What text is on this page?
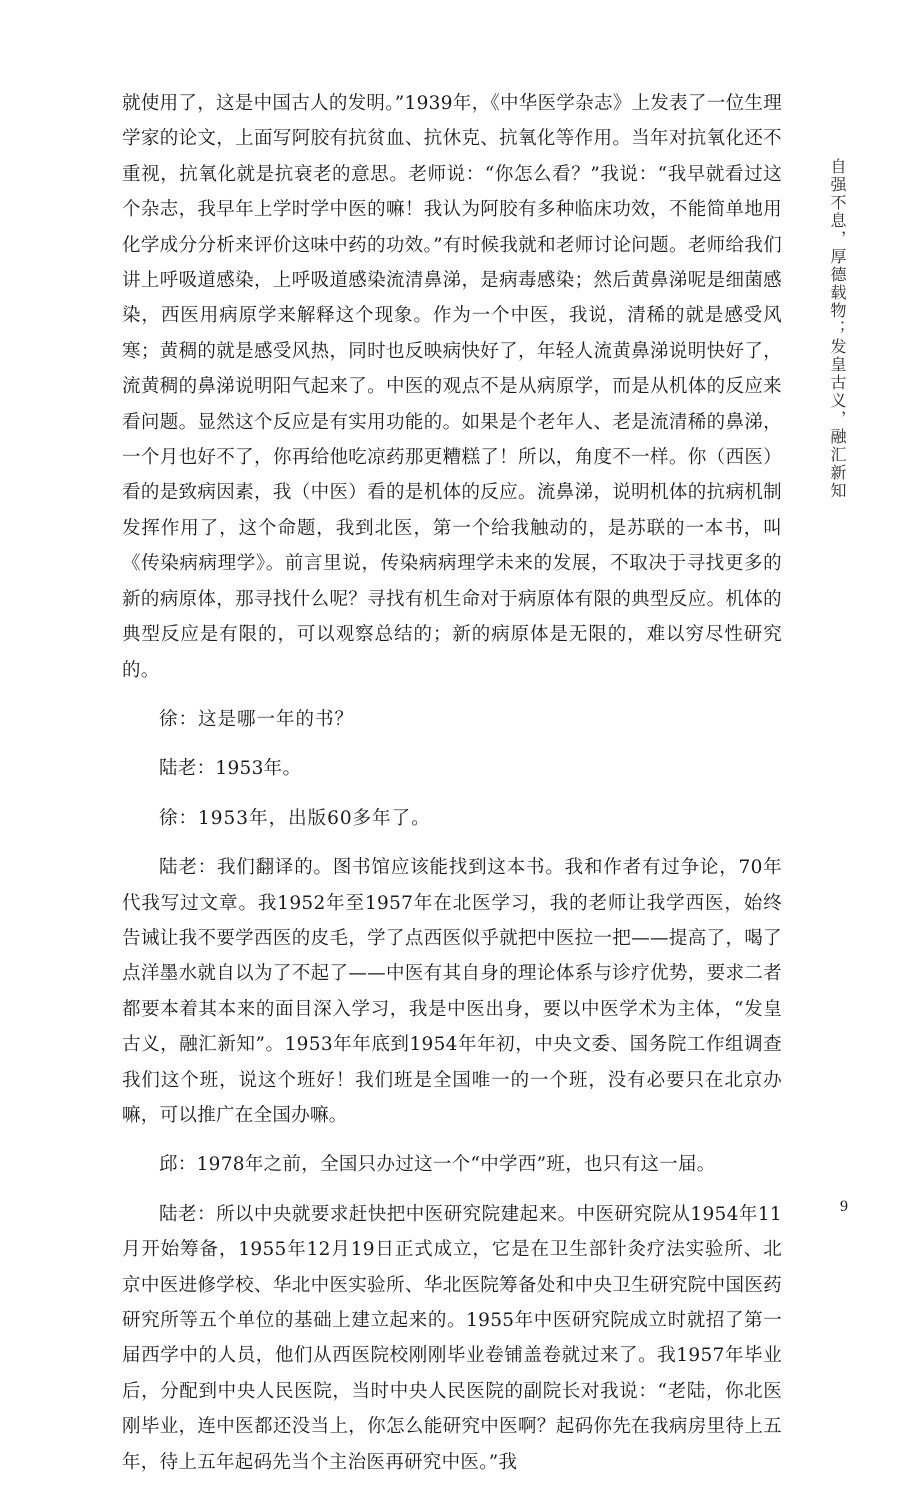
就使用了，这是中国古人的发明。”1939年，《中华医学杂志》上发表了一位生理学家的论文，上面写阿胶有抗贫血、抗休克、抗氧化等作用。当年对抗氧化还不重视，抗氧化就是抗衰老的意思。老师说：“你怎么看？”我说：“我早就看过这个杂志，我早年上学时学中医的嘛！我认为阿胶有多种临床功效，不能简单地用化学成分分析来评价这味中药的功效。”有时候我就和老师讨论问题。老师给我们讲上呼吸道感染，上呼吸道感染流清鼻涕，是病毒感染；然后黄鼻涕呢是细菌感染，西医用病原学来解释这个现象。作为一个中医，我说，清稀的就是感受风寒；黄稠的就是感受风热，同时也反映病快好了，年轻人流黄鼻涕说明快好了，流黄稠的鼻涕说明阳气起来了。中医的观点不是从病原学，而是从机体的反应来看问题。显然这个反应是有实用功能的。如果是个老年人、老是流清稀的鼻涕，一个月也好不了，你再给他吃凉药那更糟糕了！所以，角度不一样。你（西医）看的是致病因素，我（中医）看的是机体的反应。流鼻涕，说明机体的抗病机制发挥作用了，这个命题，我到北医，第一个给我触动的，是苏联的一本书，叫《传染病病理学》。前言里说，传染病病理学未来的发展，不取决于寻找更多的新的病原体，那寻找什么呢？寻找有机生命对于病原体有限的典型反应。机体的典型反应是有限的，可以观察总结的；新的病原体是无限的，难以穷尽性研究的。

徐：这是哪一年的书？

陆老：1953年。

徐：1953年，出版60多年了。

陆老：我们翻译的。图书馆应该能找到这本书。我和作者有过争论，70年代我写过文章。我1952年至1957年在北医学习，我的老师让我学西医，始终告诫让我不要学西医的皮毛，学了点西医似乎就把中医拉一把——提高了，喝了点洋墨水就自以为了不起了——中医有其自身的理论体系与诊疗优势，要求二者都要本着其本来的面目深入学习，我是中医出身，要以中医学术为主体，“发皇古义，融汇新知”。1953年年底到1954年年初，中央文委、国务院工作组调查我们这个班，说这个班好！我们班是全国唯一的一个班，没有必要只在北京办嘛，可以推广在全国办嘛。

邱：1978年之前，全国只办过这一个“中学西”班，也只有这一届。

陆老：所以中央就要求赶快把中医研究院建起来。中医研究院从1954年11月开始筹备，1955年12月19日正式成立，它是在卫生部针灸疗法实验所、北京中医进修学校、华北中医实验所、华北医院筹备处和中央卫生研究院中国医药研究所等五个单位的基础上建立起来的。1955年中医研究院成立时就招了第一届西学中的人员，他们从西医院校刚刚毕业卷铺盖卷就过来了。我1957年毕业后，分配到中央人民医院，当时中央人民医院的副院长对我说：“老陆，你北医刚毕业，连中医都还没当上，你怎么能研究中医啊？起码你先在我病房里待上五年，待上五年起码先当个主治医再研究中医。”我

自强不息，厚德载物；发皇古义，融汇新知
9
